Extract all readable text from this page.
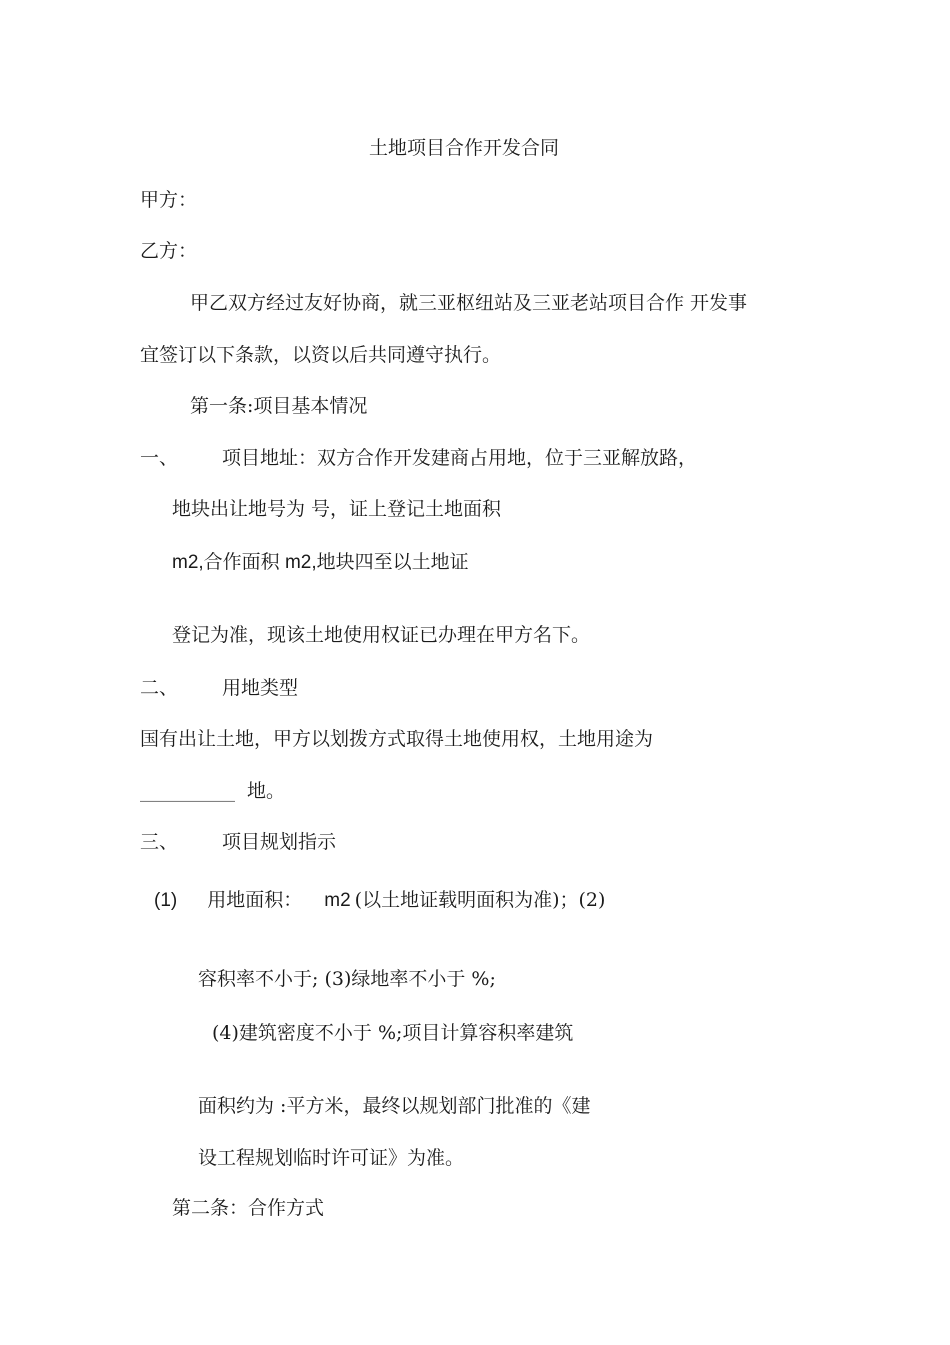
土地项目合作开发合同
甲方：
乙方：
甲乙双方经过友好协商，就三亚枢纽站及三亚老站项目合作 开发事
宜签订以下条款，以资以后共同遵守执行。
第一条:项目基本情况
一、 项目地址：双方合作开发建商占用地，位于三亚解放路，
地块出让地号为 号，证上登记土地面积
m2,合作面积 m2,地块四至以土地证
登记为准，现该土地使用权证已办理在甲方名下。
二、 用地类型
国有出让土地，甲方以划拨方式取得土地使用权，土地用途为
__________ 地。
三、 项目规划指示
(1) 用地面积： m2 (以土地证载明面积为准)；(2)
容积率不小于; (3)绿地率不小于 %;
(4)建筑密度不小于 %;项目计算容积率建筑
面积约为 :平方米，最终以规划部门批准的《建
设工程规划临时许可证》为准。
第二条：合作方式
